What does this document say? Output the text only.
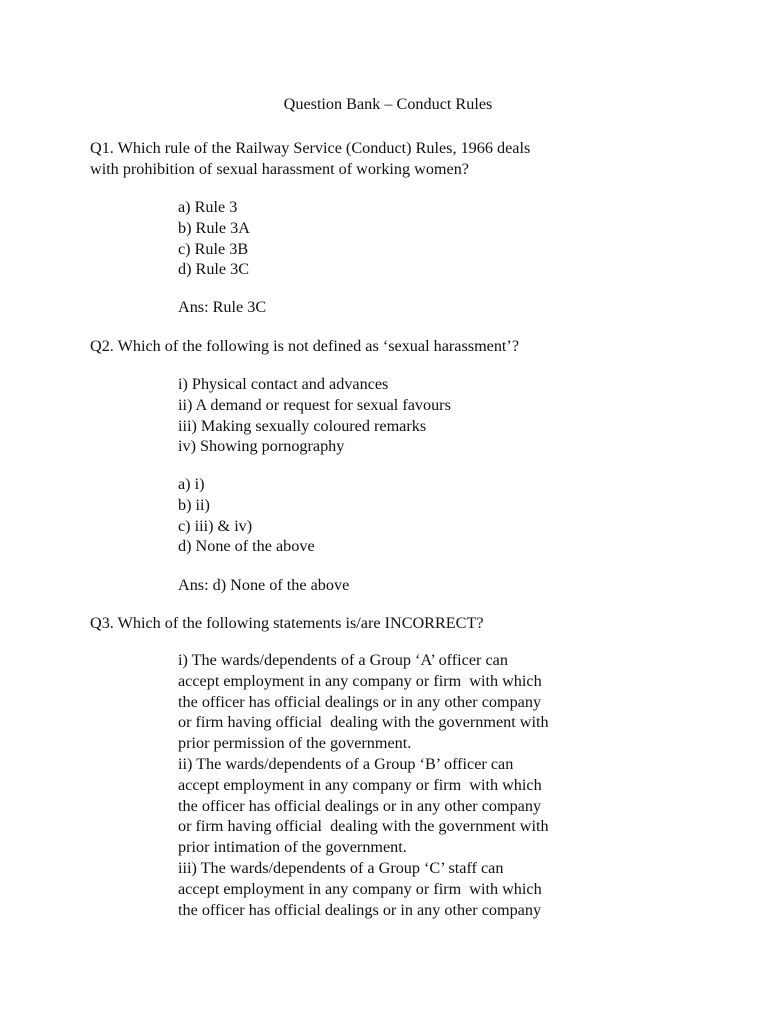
Question Bank – Conduct Rules
Q1. Which rule of the Railway Service (Conduct) Rules, 1966 deals
with prohibition of sexual harassment of working women?
a) Rule 3
b) Rule 3A
c) Rule 3B
d) Rule 3C
Ans: Rule 3C
Q2. Which of the following is not defined as ‘sexual harassment’?
i) Physical contact and advances
ii) A demand or request for sexual favours
iii) Making sexually coloured remarks
iv) Showing pornography
a) i)
b) ii)
c) iii) & iv)
d) None of the above
Ans: d) None of the above
Q3. Which of the following statements is/are INCORRECT?
i) The wards/dependents of a Group ‘A’ officer can
accept employment in any company or firm  with which
the officer has official dealings or in any other company
or firm having official  dealing with the government with
prior permission of the government.
ii) The wards/dependents of a Group ‘B’ officer can
accept employment in any company or firm  with which
the officer has official dealings or in any other company
or firm having official  dealing with the government with
prior intimation of the government.
iii) The wards/dependents of a Group ‘C’ staff can
accept employment in any company or firm  with which
the officer has official dealings or in any other company
